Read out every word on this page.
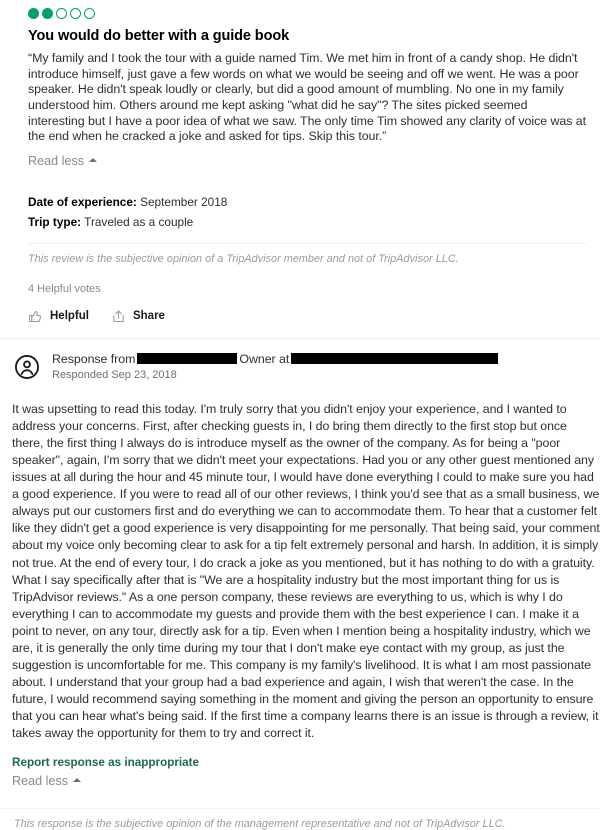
You would do better with a guide book

“My family and I took the tour with a guide named Tim. We met him in front of a candy shop. He didn't introduce himself, just gave a few words on what we would be seeing and off we went. He was a poor speaker. He didn't speak loudly or clearly, but did a good amount of mumbling. No one in my family understood him. Others around me kept asking "what did he say"? The sites picked seemed interesting but I have a poor idea of what we saw. The only time Tim showed any clarity of voice was at the end when he cracked a joke and asked for tips. Skip this tour.”

Read less
Date of experience: September 2018
Trip type: Traveled as a couple
This review is the subjective opinion of a TripAdvisor member and not of TripAdvisor LLC.
4 Helpful votes
Helpful	Share
Response from	Owner at
Responded Sep 23, 2018

It was upsetting to read this today. I'm truly sorry that you didn't enjoy your experience, and I wanted to address your concerns. First, after checking guests in, I do bring them directly to the first stop but once there, the first thing I always do is introduce myself as the owner of the company. As for being a "poor speaker", again, I'm sorry that we didn't meet your expectations. Had you or any other guest mentioned any issues at all during the hour and 45 minute tour, I would have done everything I could to make sure you had a good experience. If you were to read all of our other reviews, I think you'd see that as a small business, we always put our customers first and do everything we can to accommodate them. To hear that a customer felt like they didn't get a good experience is very disappointing for me personally. That being said, your comment about my voice only becoming clear to ask for a tip felt extremely personal and harsh. In addition, it is simply not true. At the end of every tour, I do crack a joke as you mentioned, but it has nothing to do with a gratuity. What I say specifically after that is "We are a hospitality industry but the most important thing for us is TripAdvisor reviews." As a one person company, these reviews are everything to us, which is why I do everything I can to accommodate my guests and provide them with the best experience I can. I make it a point to never, on any tour, directly ask for a tip. Even when I mention being a hospitality industry, which we are, it is generally the only time during my tour that I don't make eye contact with my group, as just the suggestion is uncomfortable for me. This company is my family's livelihood. It is what I am most passionate about. I understand that your group had a bad experience and again, I wish that weren't the case. In the future, I would recommend saying something in the moment and giving the person an opportunity to ensure that you can hear what's being said. If the first time a company learns there is an issue is through a review, it takes away the opportunity for them to try and correct it.

Report response as inappropriate
Read less
This response is the subjective opinion of the management representative and not of TripAdvisor LLC.
